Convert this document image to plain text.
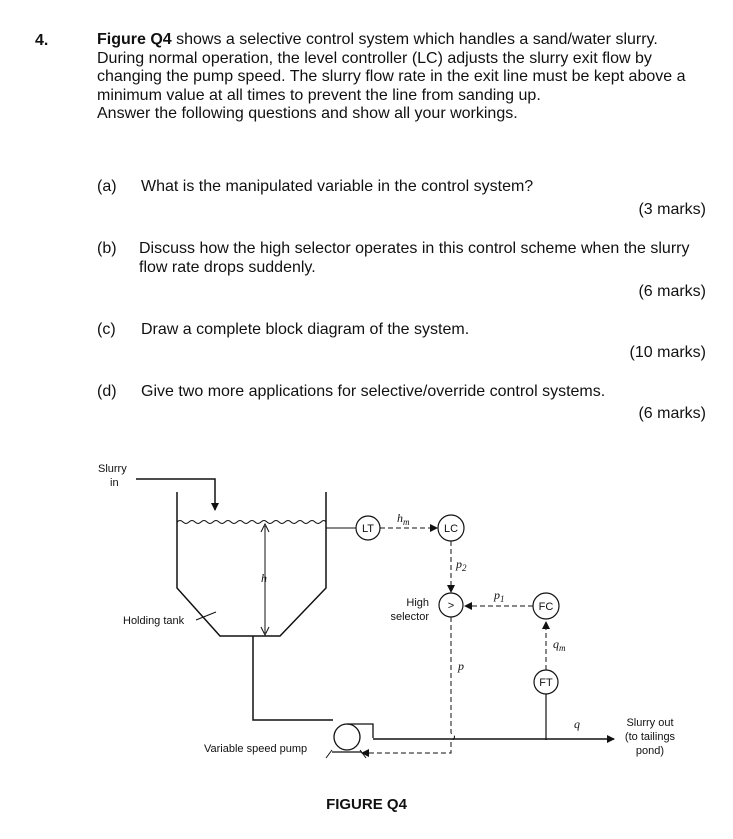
4.	Figure Q4 shows a selective control system which handles a sand/water slurry. During normal operation, the level controller (LC) adjusts the slurry exit flow by changing the pump speed. The slurry flow rate in the exit line must be kept above a minimum value at all times to prevent the line from sanding up.
Answer the following questions and show all your workings.
(a) What is the manipulated variable in the control system?
(3 marks)
(b) Discuss how the high selector operates in this control scheme when the slurry flow rate drops suddenly.
(6 marks)
(c) Draw a complete block diagram of the system.
(10 marks)
(d) Give two more applications for selective/override control systems.
(6 marks)
Slurry
in
h
Holding tank
LT
$h_m$
LC
$p_2$
>
High
selector
$p_1$
FC
$q_m$
FT
p
q
Variable speed pump
Slurry out
(to tailings
pond)
FIGURE Q4
